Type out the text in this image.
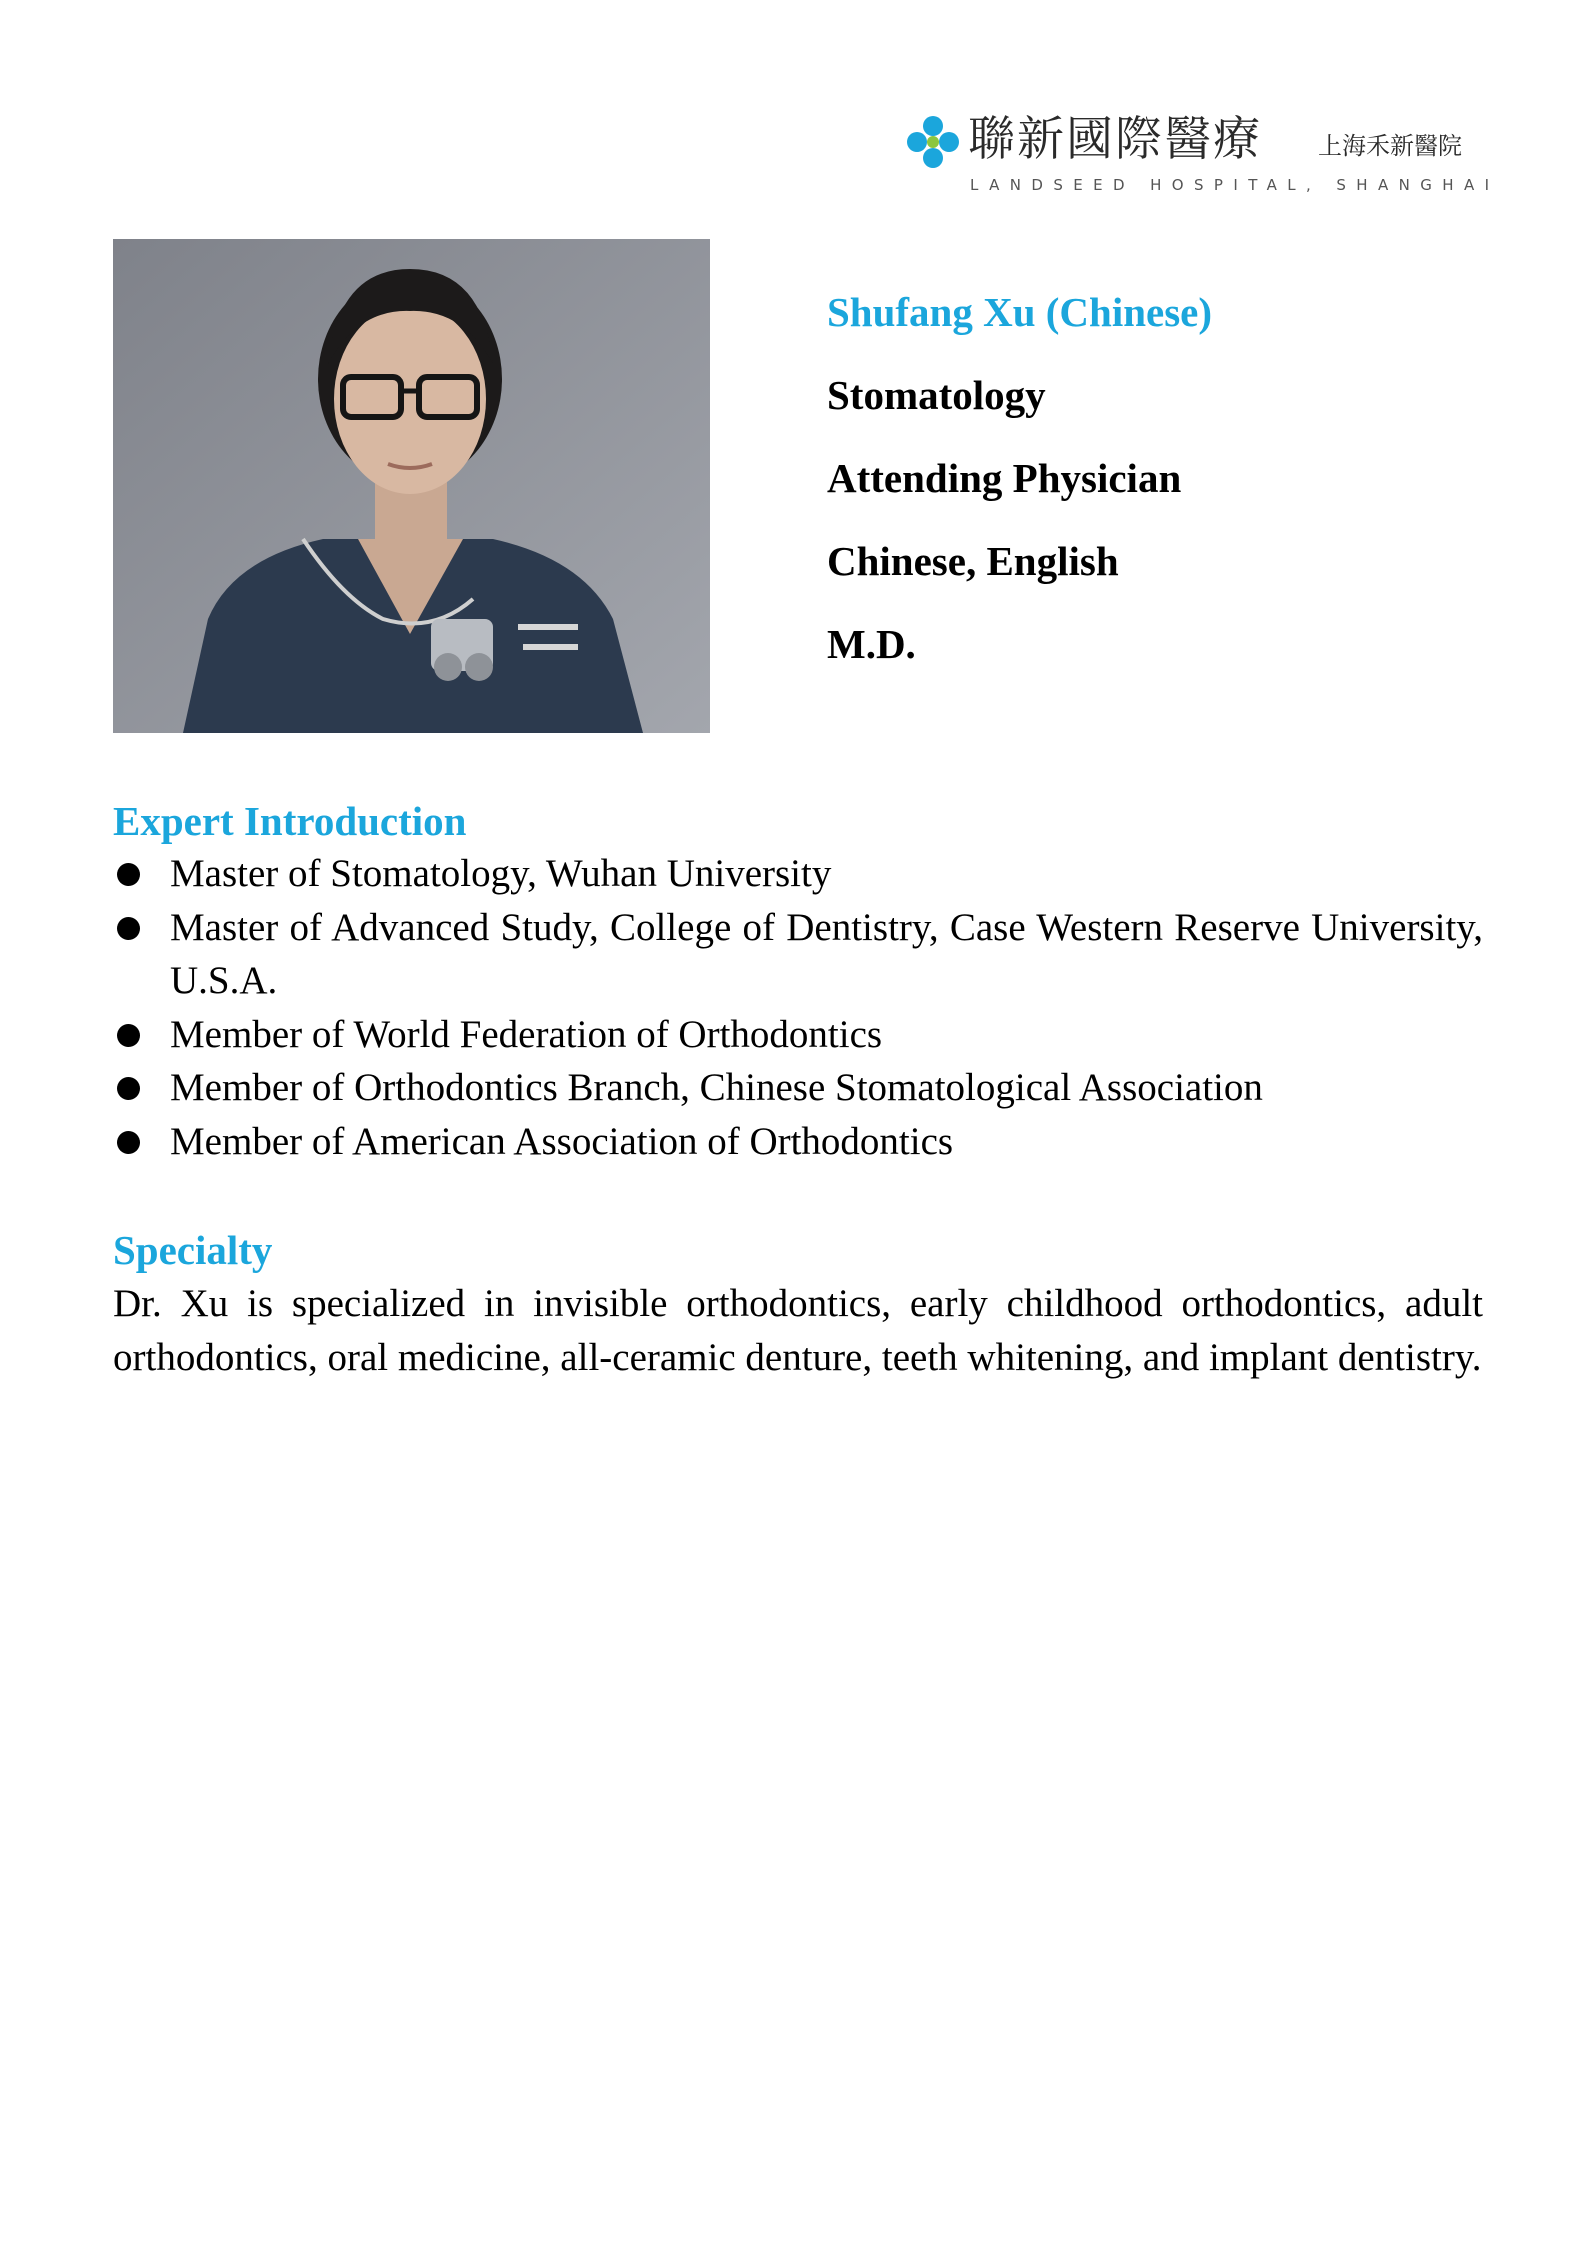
聯新國際醫療 上海禾新醫院
LANDSEED HOSPITAL, SHANGHAI
Shufang Xu (Chinese)
Stomatology
Attending Physician
Chinese, English
M.D.
Expert Introduction
Master of Stomatology, Wuhan University
Master of Advanced Study, College of Dentistry, Case Western Reserve University, U.S.A.
Member of World Federation of Orthodontics
Member of Orthodontics Branch, Chinese Stomatological Association
Member of American Association of Orthodontics
Specialty

Dr. Xu is specialized in invisible orthodontics, early childhood orthodontics, adult orthodontics, oral medicine, all-ceramic denture, teeth whitening, and implant dentistry.
